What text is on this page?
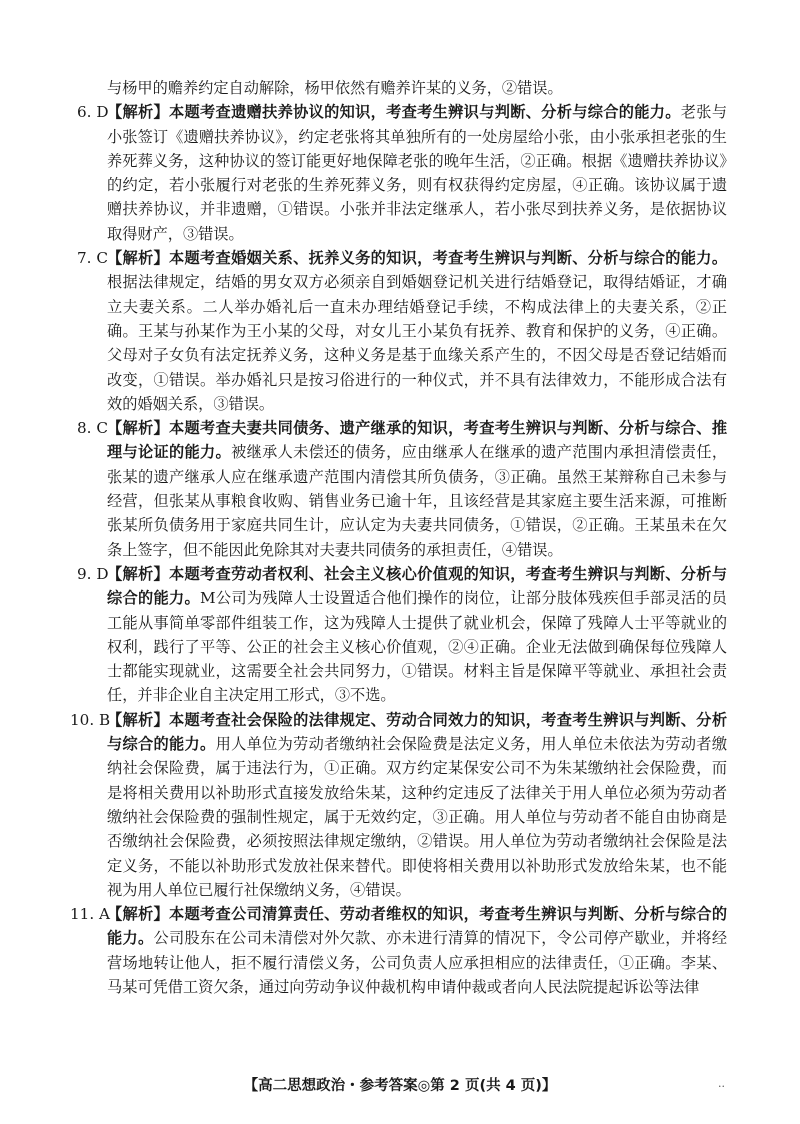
与杨甲的赡养约定自动解除，杨甲依然有赡养许某的义务，②错误。
6. D
【解析】本题考查遗赠扶养协议的知识，考查考生辨识与判断、分析与综合的能力。老张与小张签订《遗赠扶养协议》，约定老张将其单独所有的一处房屋给小张，由小张承担老张的生养死葬义务，这种协议的签订能更好地保障老张的晚年生活，②正确。根据《遗赠扶养协议》的约定，若小张履行对老张的生养死葬义务，则有权获得约定房屋，④正确。该协议属于遗赠扶养协议，并非遗赠，①错误。小张并非法定继承人，若小张尽到扶养义务，是依据协议取得财产，③错误。
7. C 【解析】本题考查婚姻关系、抚养义务的知识，考查考生辨识与判断、分析与综合的能力。根据法律规定，结婚的男女双方必须亲自到婚姻登记机关进行结婚登记，取得结婚证，才确立夫妻关系。二人举办婚礼后一直未办理结婚登记手续，不构成法律上的夫妻关系，②正确。王某与孙某作为王小某的父母，对女儿王小某负有抚养、教育和保护的义务，④正确。父母对子女负有法定抚养义务，这种义务是基于血缘关系产生的，不因父母是否登记结婚而改变，①错误。举办婚礼只是按习俗进行的一种仪式，并不具有法律效力，不能形成合法有效的婚姻关系，③错误。
8. C 【解析】本题考查夫妻共同债务、遗产继承的知识，考查考生辨识与判断、分析与综合、推理与论证的能力。被继承人未偿还的债务，应由继承人在继承的遗产范围内承担清偿责任，张某的遗产继承人应在继承遗产范围内清偿其所负债务，③正确。虽然王某辩称自己未参与经营，但张某从事粮食收购、销售业务已逾十年，且该经营是其家庭主要生活来源，可推断张某所负债务用于家庭共同生计，应认定为夫妻共同债务，①错误，②正确。王某虽未在欠条上签字，但不能因此免除其对夫妻共同债务的承担责任，④错误。
9. D
【解析】本题考查劳动者权利、社会主义核心价值观的知识，考查考生辨识与判断、分析与综合的能力。M公司为残障人士设置适合他们操作的岗位，让部分肢体残疾但手部灵活的员工能从事简单零部件组装工作，这为残障人士提供了就业机会，保障了残障人士平等就业的权利，践行了平等、公正的社会主义核心价值观，②④正确。企业无法做到确保每位残障人士都能实现就业，这需要全社会共同努力，①错误。材料主旨是保障平等就业、承担社会责任，并非企业自主决定用工形式，③不选。
10. B
【解析】本题考查社会保险的法律规定、劳动合同效力的知识，考查考生辨识与判断、分析与综合的能力。用人单位为劳动者缴纳社会保险费是法定义务，用人单位未依法为劳动者缴纳社会保险费，属于违法行为，①正确。双方约定某保安公司不为朱某缴纳社会保险费，而是将相关费用以补助形式直接发放给朱某，这种约定违反了法律关于用人单位必须为劳动者缴纳社会保险费的强制性规定，属于无效约定，③正确。用人单位与劳动者不能自由协商是否缴纳社会保险费，必须按照法律规定缴纳，②错误。用人单位为劳动者缴纳社会保险是法定义务，不能以补助形式发放社保来替代。即使将相关费用以补助形式发放给朱某，也不能视为用人单位已履行社保缴纳义务，④错误。
11. A
【解析】本题考查公司清算责任、劳动者维权的知识，考查考生辨识与判断、分析与综合的能力。公司股东在公司未清偿对外欠款、亦未进行清算的情况下，令公司停产歇业，并将经营场地转让他人，拒不履行清偿义务，公司负责人应承担相应的法律责任，①正确。李某、马某可凭借工资欠条，通过向劳动争议仲裁机构申请仲裁或者向人民法院提起诉讼等法律
【高二思想政治・参考答案◎第 2 页(共 4 页)】	··
